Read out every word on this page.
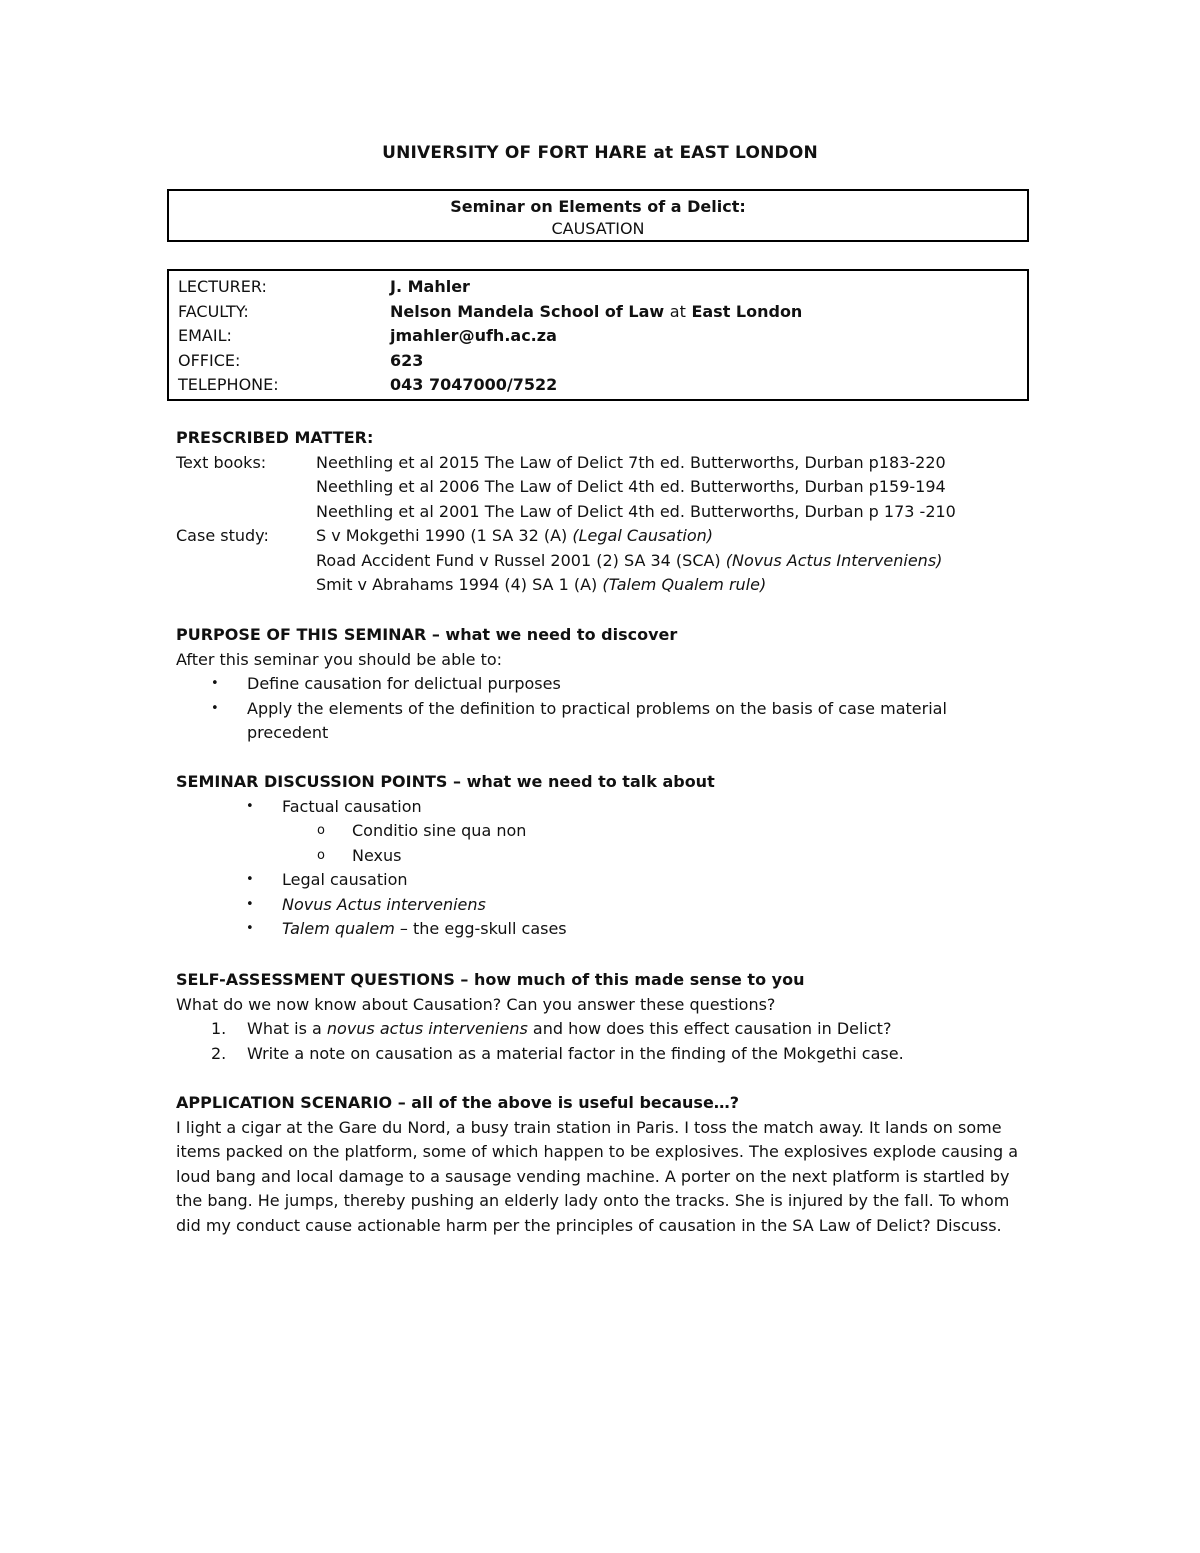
UNIVERSITY OF FORT HARE at EAST LONDON
Seminar on Elements of a Delict:
CAUSATION
LECTURER:	J. Mahler
FACULTY:	Nelson Mandela School of Law at East London
EMAIL:	jmahler@ufh.ac.za
OFFICE:	623
TELEPHONE:	043 7047000/7522
PRESCRIBED MATTER:
Text books:	Neethling et al 2015 The Law of Delict 7th ed. Butterworths, Durban p183-220
Neethling et al 2006 The Law of Delict 4th ed. Butterworths, Durban p159-194
Neethling et al 2001 The Law of Delict 4th ed. Butterworths, Durban p 173 -210
Case study:	S v Mokgethi 1990 (1 SA 32 (A) (Legal Causation)
Road Accident Fund v Russel 2001 (2) SA 34 (SCA) (Novus Actus Interveniens)
Smit v Abrahams 1994 (4) SA 1 (A) (Talem Qualem rule)
PURPOSE OF THIS SEMINAR – what we need to discover
After this seminar you should be able to:
• Define causation for delictual purposes
• Apply the elements of the definition to practical problems on the basis of case material precedent
SEMINAR DISCUSSION POINTS – what we need to talk about
• Factual causation
o Conditio sine qua non
o Nexus
• Legal causation
• Novus Actus interveniens
• Talem qualem – the egg-skull cases
SELF-ASSESSMENT QUESTIONS – how much of this made sense to you
What do we now know about Causation? Can you answer these questions?
1. What is a novus actus interveniens and how does this effect causation in Delict?
2. Write a note on causation as a material factor in the finding of the Mokgethi case.
APPLICATION SCENARIO – all of the above is useful because…?
I light a cigar at the Gare du Nord, a busy train station in Paris. I toss the match away. It lands on some items packed on the platform, some of which happen to be explosives. The explosives explode causing a loud bang and local damage to a sausage vending machine. A porter on the next platform is startled by the bang. He jumps, thereby pushing an elderly lady onto the tracks. She is injured by the fall. To whom did my conduct cause actionable harm per the principles of causation in the SA Law of Delict? Discuss.
